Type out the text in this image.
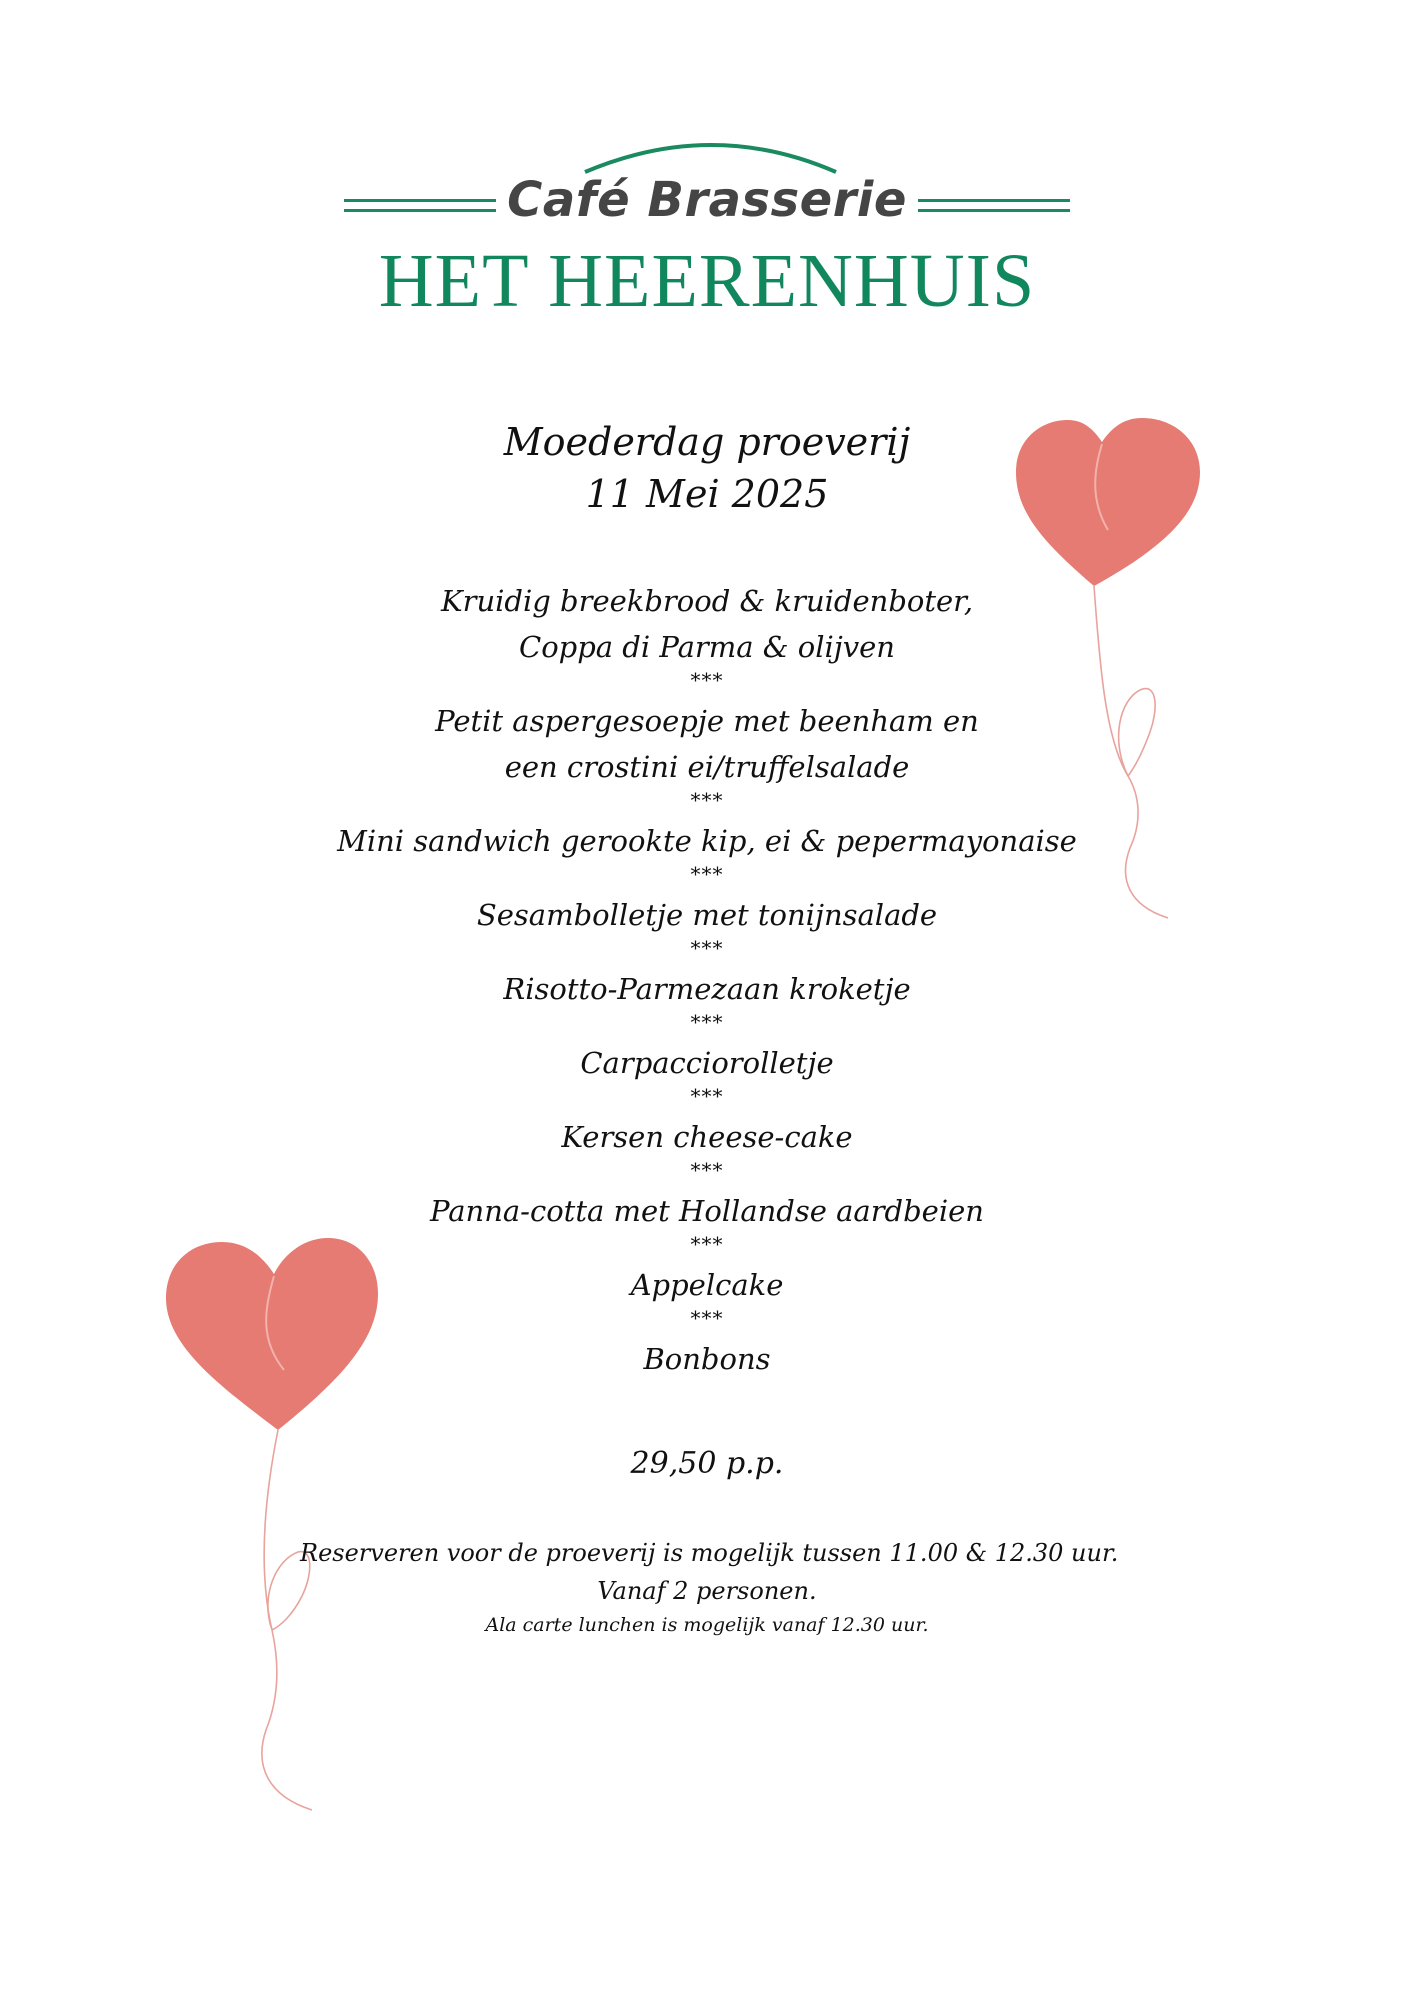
Café Brasserie
HET HEERENHUIS
Moederdag proeverij
11 Mei 2025
Kruidig breekbrood & kruidenboter,
Coppa di Parma & olijven
***
Petit aspergesoepje met beenham en
een crostini ei/truffelsalade
***
Mini sandwich gerookte kip, ei & pepermayonaise
***
Sesambolletje met tonijnsalade
***
Risotto-Parmezaan kroketje
***
Carpacciorolletje
***
Kersen cheese-cake
***
Panna-cotta met Hollandse aardbeien
***
Appelcake
***
Bonbons
29,50 p.p.
Reserveren voor de proeverij is mogelijk tussen 11.00 & 12.30 uur.
Vanaf 2 personen.
Ala carte lunchen is mogelijk vanaf 12.30 uur.
